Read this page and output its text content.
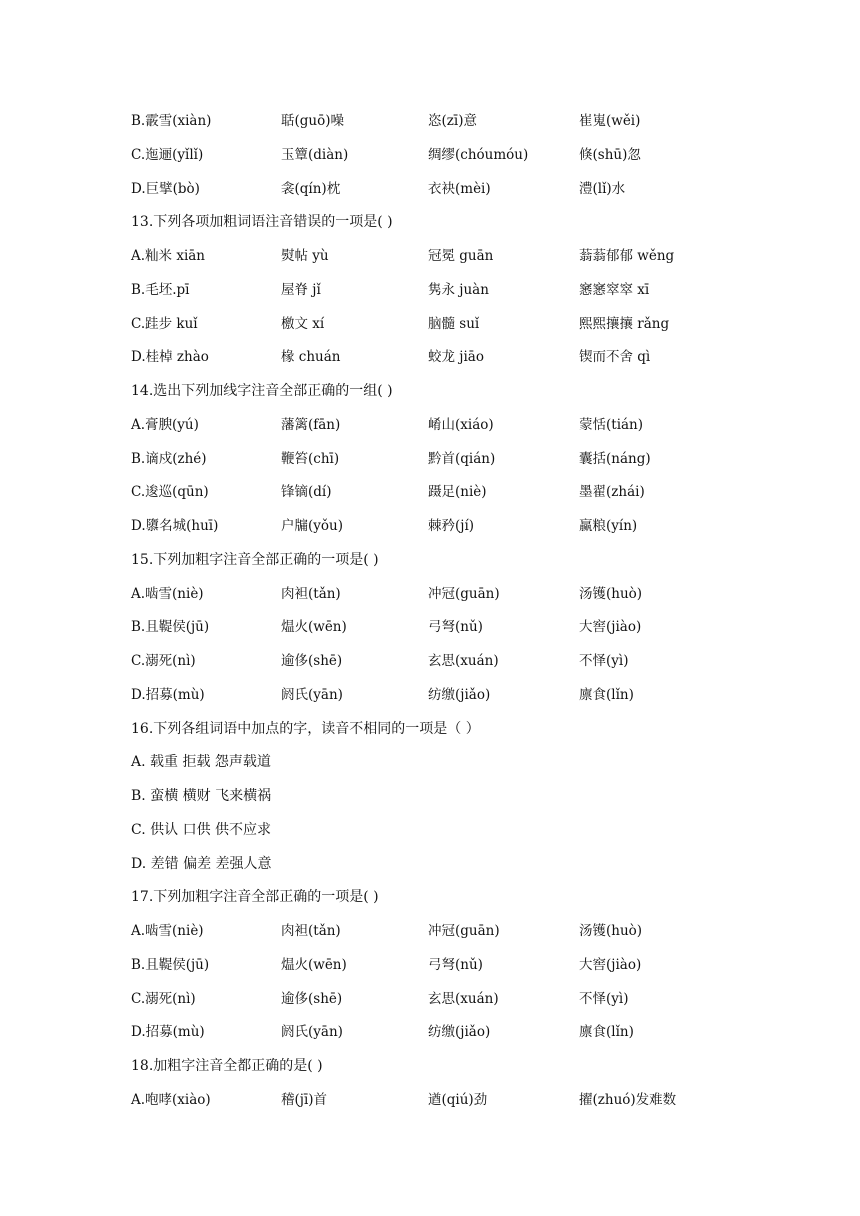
B.霰雪(xiàn)	聒(guō)噪	恣(zī)意	崔嵬(wěi)
C.迤逦(yǐlǐ)	玉簟(diàn)	绸缪(chóumóu)	倏(shū)忽
D.巨擘(bò)	衾(qín)枕	衣袂(mèi)	澧(lǐ)水
13.下列各项加粗词语注音错误的一项是( )
A.籼米 xiān	熨帖 yù	冠冕 guān	蓊蓊郁郁 wěng
B.毛坯.pī	屋脊 jǐ	隽永 juàn	窸窸窣窣 xī
C.跬步 kuǐ	檄文 xí	脑髓 suǐ	熙熙攘攘 rǎng
D.桂棹 zhào	椽 chuán	蛟龙 jiāo	锲而不舍 qì
14.选出下列加线字注音全部正确的一组( )
A.膏腴(yú)	藩篱(fān)	崤山(xiáo)	蒙恬(tián)
B.谪戍(zhé)	鞭笞(chī)	黔首(qián)	囊括(náng)
C.逡巡(qūn)	锋镝(dí)	蹑足(niè)	墨翟(zhái)
D.隳名城(huī)	户牖(yǒu)	棘矜(jí)	赢粮(yín)
15.下列加粗字注音全部正确的一项是( )
A.啮雪(niè)	肉袒(tǎn)	冲冠(guān)	汤镬(huò)
B.且鞮侯(jū)	煴火(wēn)	弓弩(nǔ)	大窖(jiào)
C.溺死(nì)	逾侈(shē)	玄思(xuán)	不怿(yì)
D.招募(mù)	阏氏(yān)	纺缴(jiǎo)	廪食(lǐn)
16.下列各组词语中加点的字，读音不相同的一项是（ ）
A. 载重 拒载 怨声载道
B. 蛮横 横财 飞来横祸
C. 供认 口供 供不应求
D. 差错 偏差 差强人意
17.下列加粗字注音全部正确的一项是( )
A.啮雪(niè)	肉袒(tǎn)	冲冠(guān)	汤镬(huò)
B.且鞮侯(jū)	煴火(wēn)	弓弩(nǔ)	大窖(jiào)
C.溺死(nì)	逾侈(shē)	玄思(xuán)	不怿(yì)
D.招募(mù)	阏氏(yān)	纺缴(jiǎo)	廪食(lǐn)
18.加粗字注音全都正确的是( )
A.咆哮(xiào)	稽(jī)首	遒(qiú)劲	擢(zhuó)发难数
